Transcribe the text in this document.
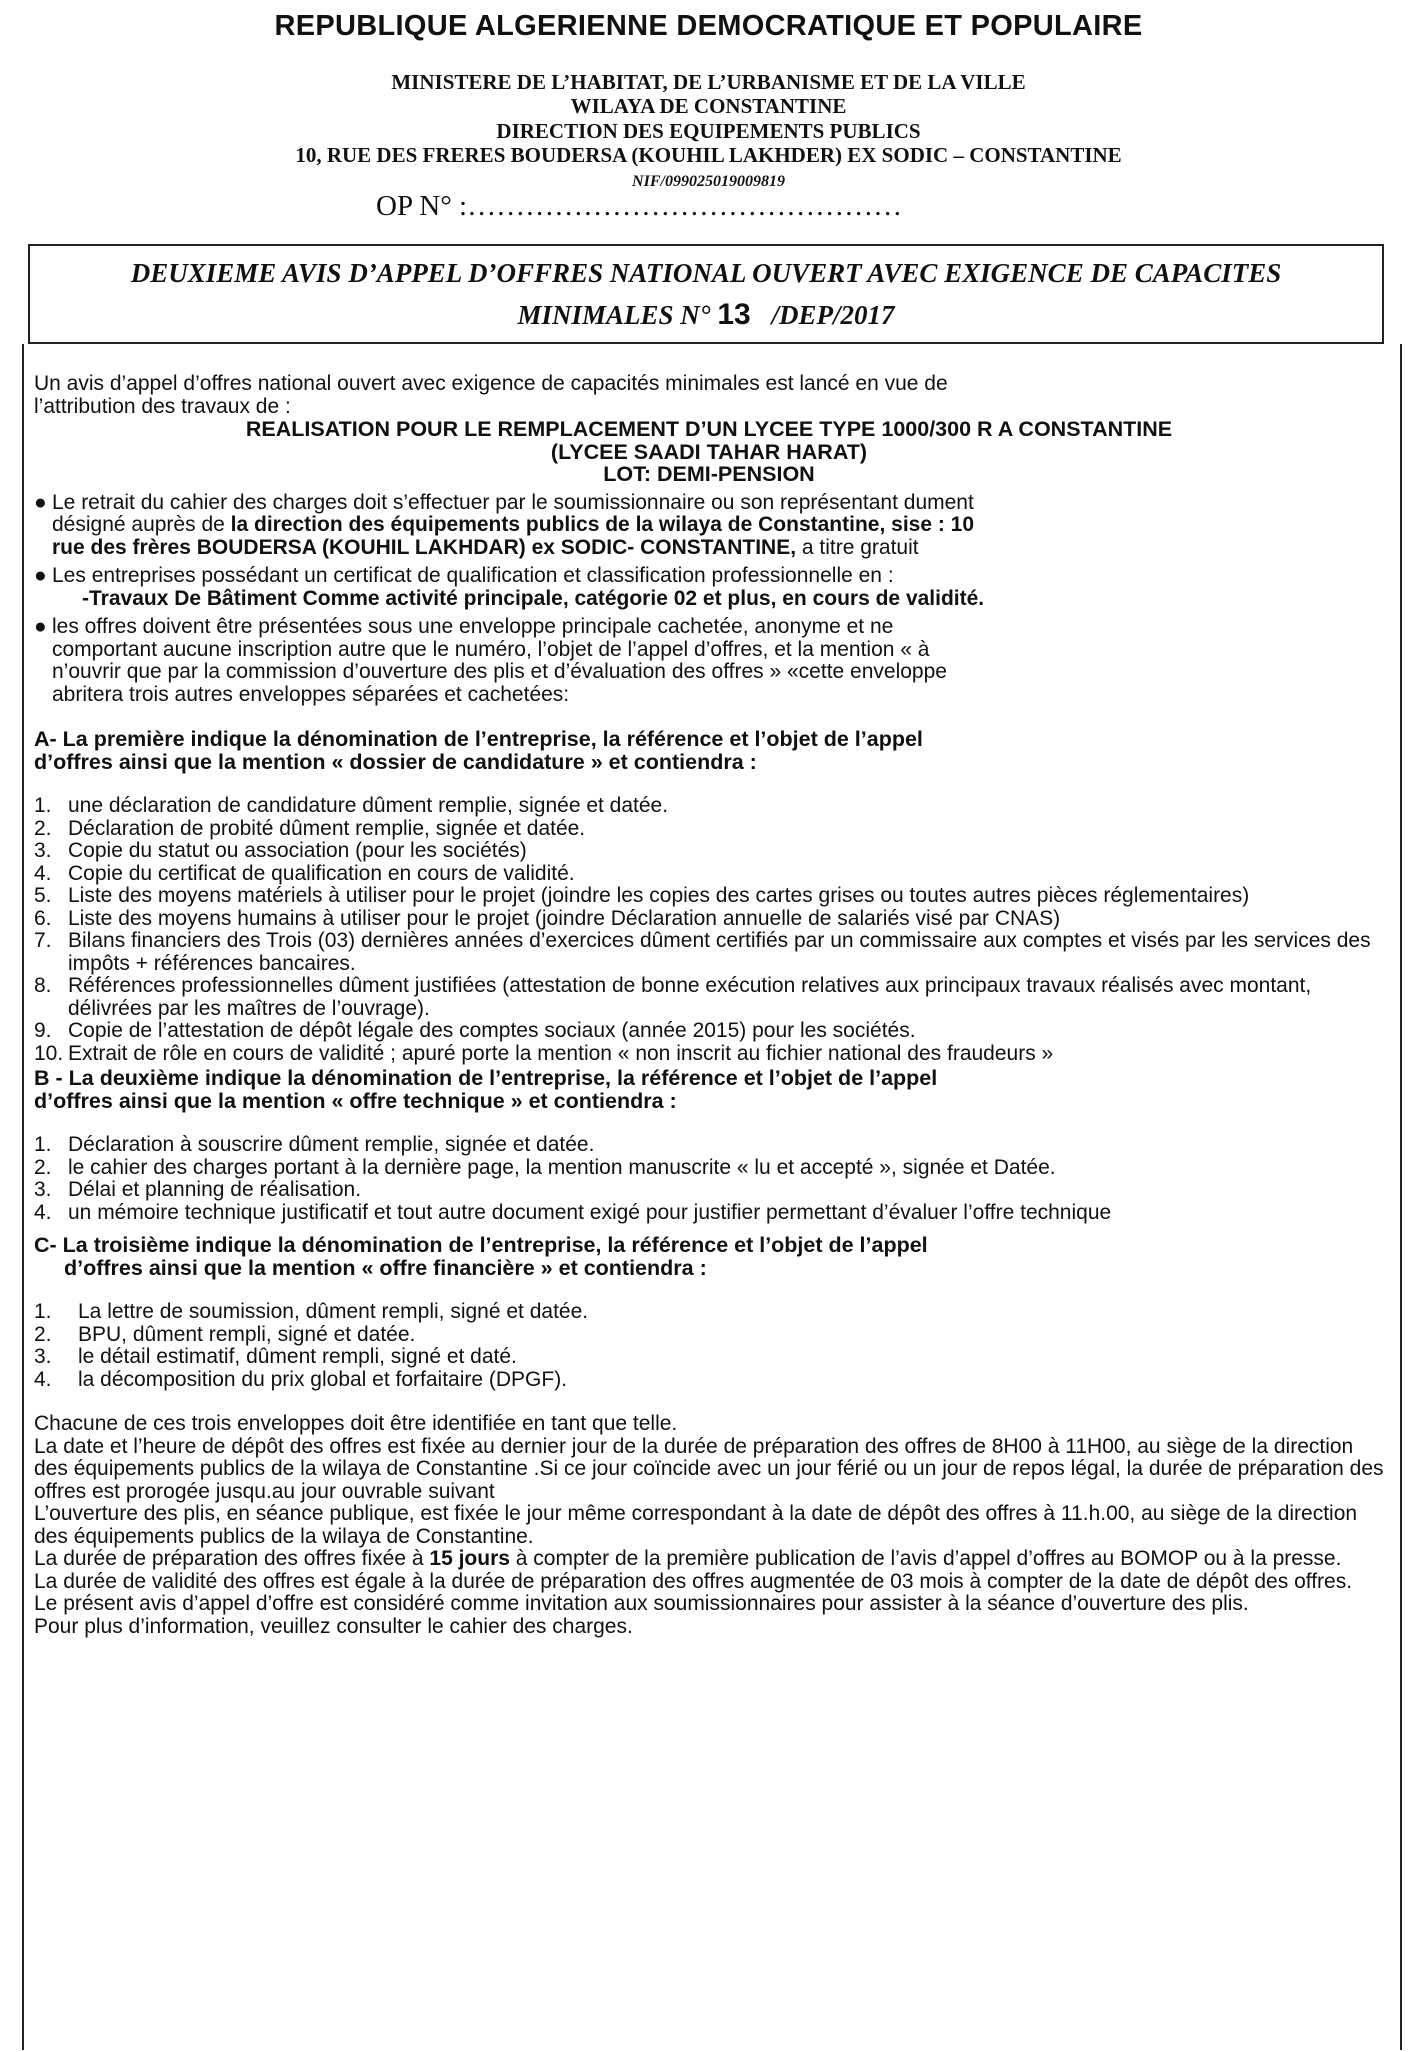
REPUBLIQUE ALGERIENNE DEMOCRATIQUE ET POPULAIRE
MINISTERE DE L’HABITAT, DE L’URBANISME ET DE LA VILLE
WILAYA DE CONSTANTINE
DIRECTION DES EQUIPEMENTS PUBLICS
10, RUE DES FRERES BOUDERSA (KOUHIL LAKHDER) EX SODIC – CONSTANTINE
NIF/099025019009819
OP N° :………………………………………
DEUXIEME AVIS D’APPEL D’OFFRES NATIONAL OUVERT AVEC EXIGENCE DE CAPACITES
MINIMALES N° 13 /DEP/2017

Un avis d’appel d’offres national ouvert avec exigence de capacités minimales est lancé en vue de

l’attribution des travaux de :

REALISATION POUR LE REMPLACEMENT D’UN LYCEE TYPE 1000/300 R A CONSTANTINE

(LYCEE SAADI TAHAR HARAT)

LOT: DEMI-PENSION

● Le retrait du cahier des charges doit s’effectuer par le soumissionnaire ou son représentant dument

désigné auprès de la direction des équipements publics de la wilaya de Constantine, sise : 10

rue des frères BOUDERSA (KOUHIL LAKHDAR) ex SODIC- CONSTANTINE, a titre gratuit

● Les entreprises possédant un certificat de qualification et classification professionnelle en :

-Travaux De Bâtiment Comme activité principale, catégorie 02 et plus, en cours de validité.

● les offres doivent être présentées sous une enveloppe principale cachetée, anonyme et ne

comportant aucune inscription autre que le numéro, l’objet de l’appel d’offres, et la mention « à

n’ouvrir que par la commission d’ouverture des plis et d’évaluation des offres » «cette enveloppe

abritera trois autres enveloppes séparées et cachetées:

A- La première indique la dénomination de l’entreprise, la référence et l’objet de l’appel

d’offres ainsi que la mention « dossier de candidature » et contiendra :

1. une déclaration de candidature dûment remplie, signée et datée.
2. Déclaration de probité dûment remplie, signée et datée.
3. Copie du statut ou association (pour les sociétés)
4. Copie du certificat de qualification en cours de validité.
5. Liste des moyens matériels à utiliser pour le projet (joindre les copies des cartes grises ou toutes autres pièces réglementaires)
6. Liste des moyens humains à utiliser pour le projet (joindre Déclaration annuelle de salariés visé par CNAS)
7. Bilans financiers des Trois (03) dernières années d’exercices dûment certifiés par un commissaire aux comptes et visés par les services des impôts + références bancaires.
8. Références professionnelles dûment justifiées (attestation de bonne exécution relatives aux principaux travaux réalisés avec montant, délivrées par les maîtres de l’ouvrage).
9. Copie de l’attestation de dépôt légale des comptes sociaux (année 2015) pour les sociétés.
10. Extrait de rôle en cours de validité ; apuré porte la mention « non inscrit au fichier national des fraudeurs »

B - La deuxième indique la dénomination de l’entreprise, la référence et l’objet de l’appel

d’offres ainsi que la mention « offre technique » et contiendra :

1. Déclaration à souscrire dûment remplie, signée et datée.
2. le cahier des charges portant à la dernière page, la mention manuscrite « lu et accepté », signée et Datée.
3. Délai et planning de réalisation.
4. un mémoire technique justificatif et tout autre document exigé pour justifier permettant d’évaluer l’offre technique

C- La troisième indique la dénomination de l’entreprise, la référence et l’objet de l’appel

d’offres ainsi que la mention « offre financière » et contiendra :

1. La lettre de soumission, dûment rempli, signé et datée.
2. BPU, dûment rempli, signé et datée.
3. le détail estimatif, dûment rempli, signé et daté.
4. la décomposition du prix global et forfaitaire (DPGF).

Chacune de ces trois enveloppes doit être identifiée en tant que telle.

La date et l’heure de dépôt des offres est fixée au dernier jour de la durée de préparation des offres de 8H00 à 11H00, au siège de la direction des équipements publics de la wilaya de Constantine .Si ce jour coïncide avec un jour férié ou un jour de repos légal, la durée de préparation des offres est prorogée jusqu.au jour ouvrable suivant

L’ouverture des plis, en séance publique, est fixée le jour même correspondant à la date de dépôt des offres à 11.h.00, au siège de la direction des équipements publics de la wilaya de Constantine.

La durée de préparation des offres fixée à 15 jours à compter de la première publication de l’avis d’appel d’offres au BOMOP ou à la presse.

La durée de validité des offres est égale à la durée de préparation des offres augmentée de 03 mois à compter de la date de dépôt des offres.

Le présent avis d’appel d’offre est considéré comme invitation aux soumissionnaires pour assister à la séance d’ouverture des plis.

Pour plus d’information, veuillez consulter le cahier des charges.
